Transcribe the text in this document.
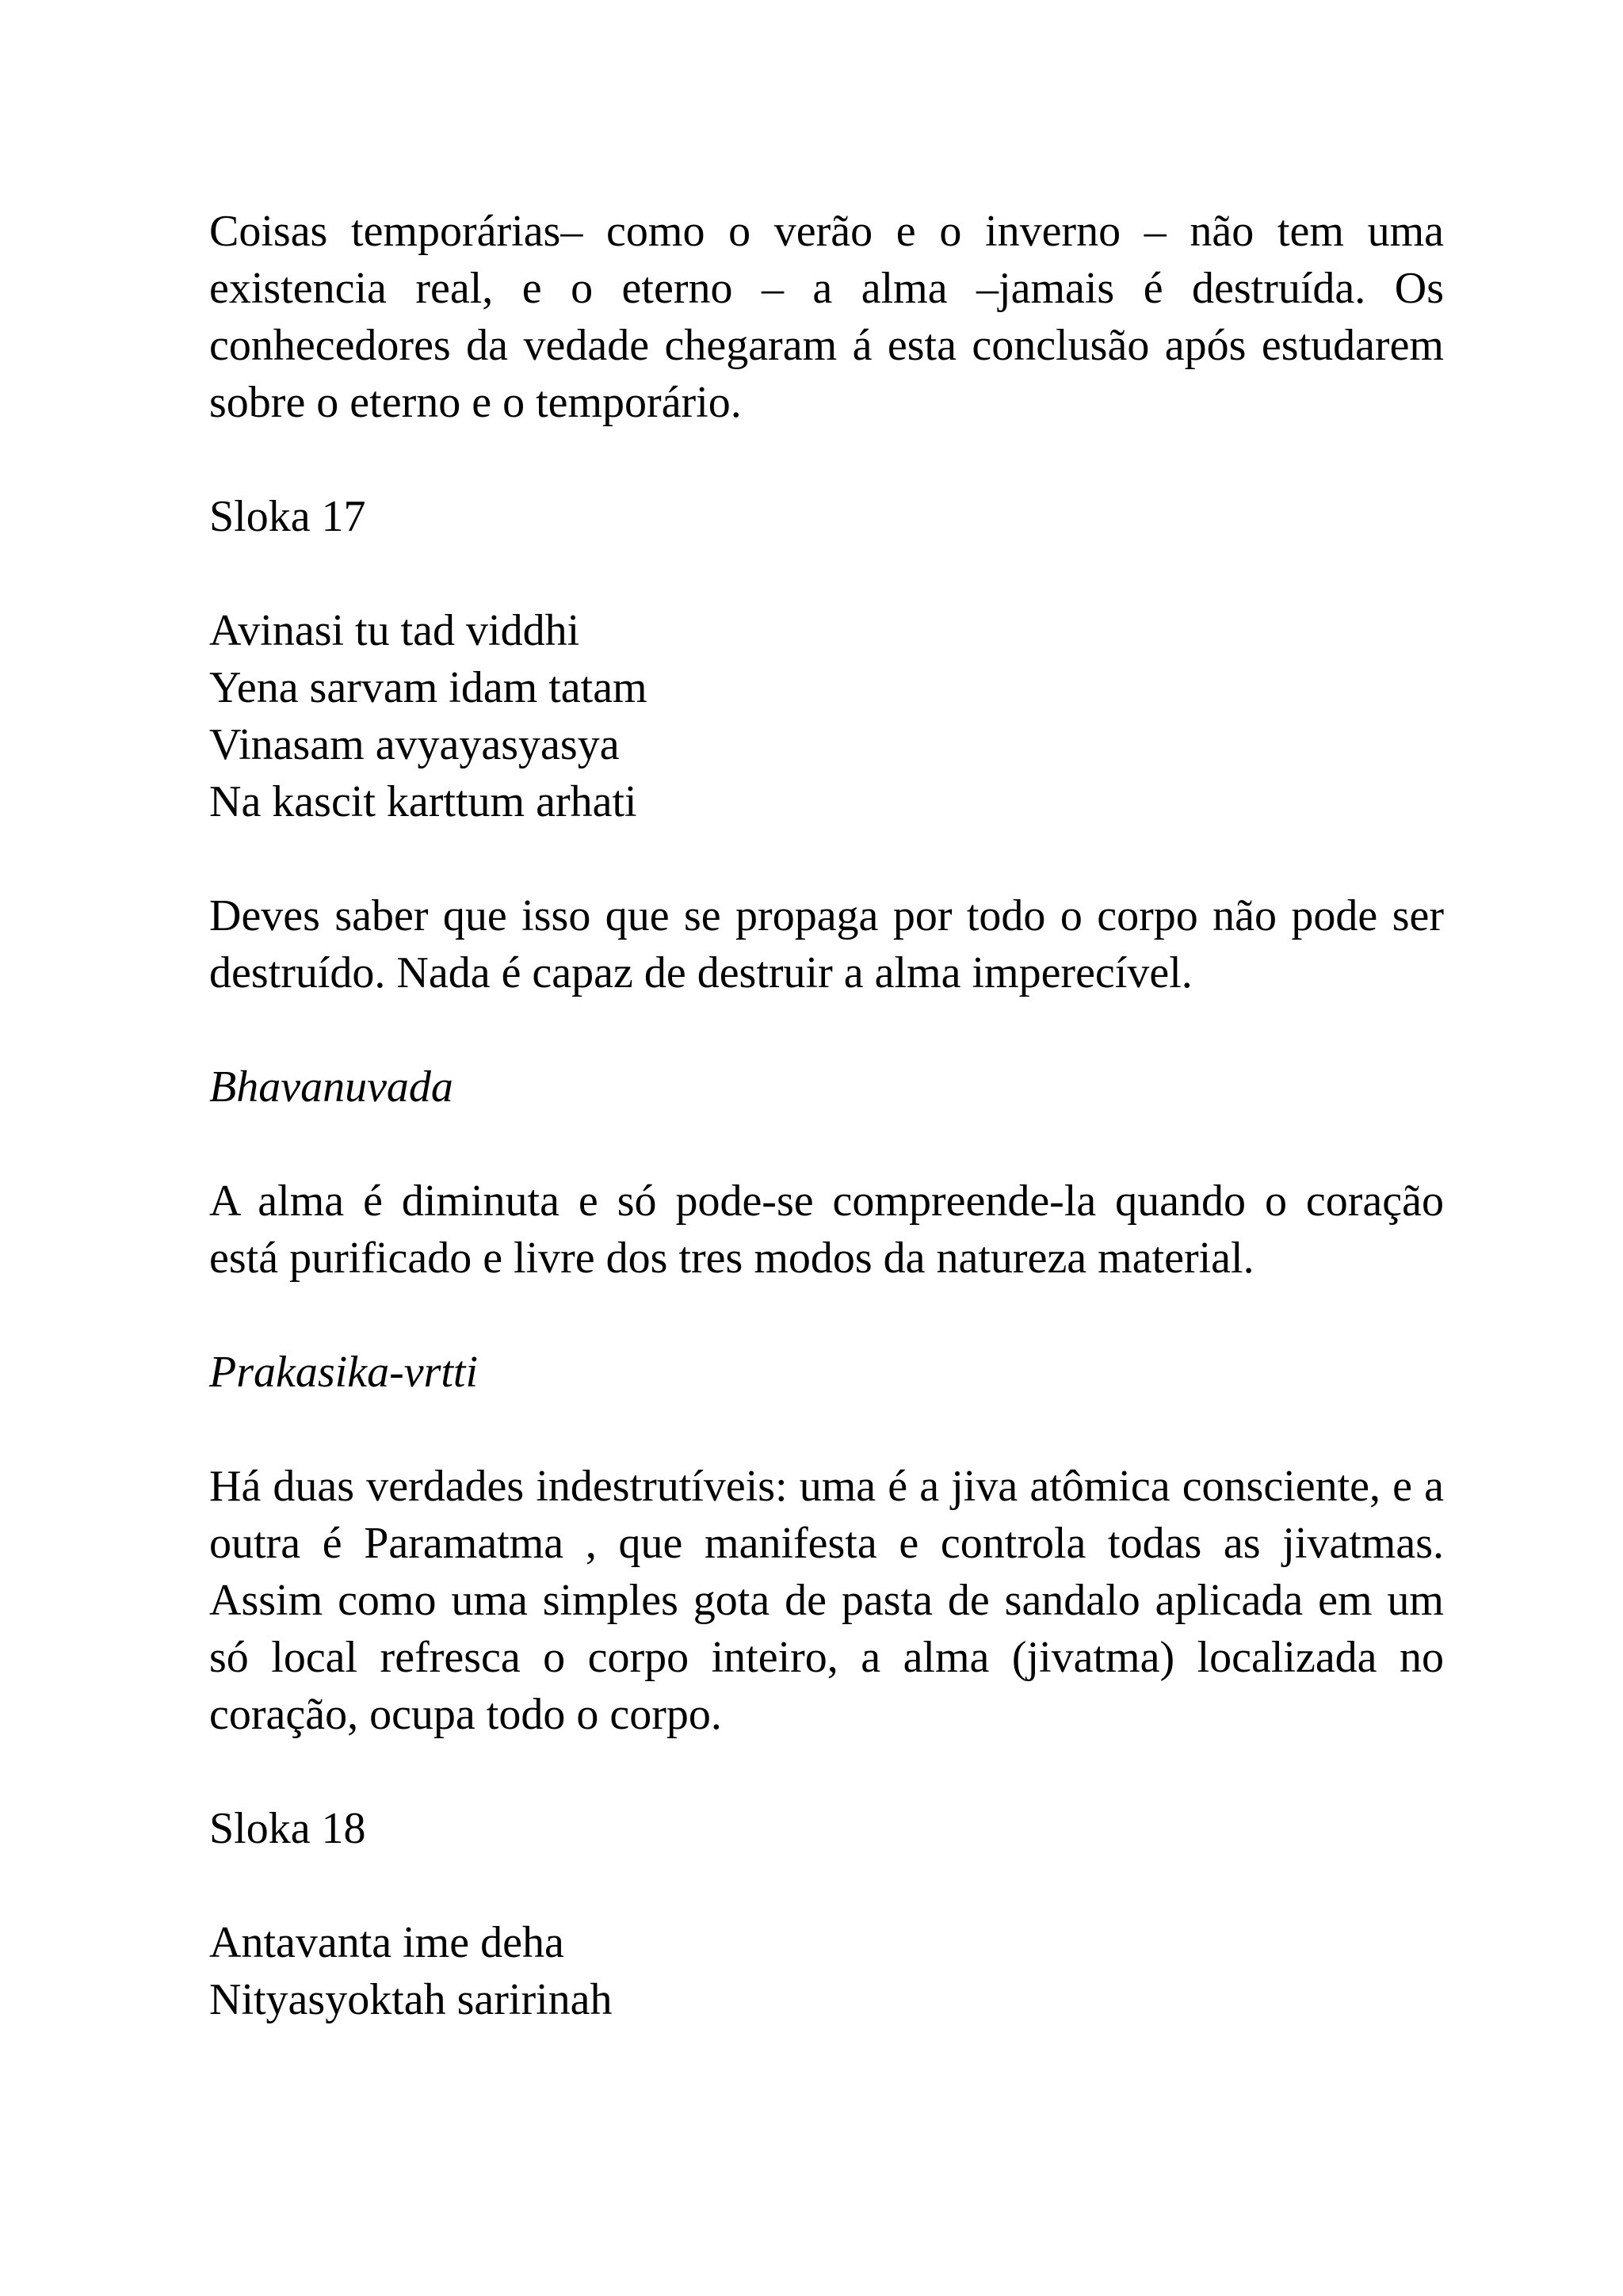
Coisas temporárias– como o verão e o inverno – não tem uma existencia real, e o eterno – a alma –jamais é destruída. Os conhecedores da vedade chegaram á esta conclusão após estudarem sobre o eterno e o temporário.

Sloka 17
Avinasi tu tad viddhi
Yena sarvam idam tatam
Vinasam avyayasyasya
Na kascit karttum arhati

Deves saber que isso que se propaga por todo o corpo não pode ser destruído. Nada é capaz de destruir a alma imperecível.

Bhavanuvada

A alma é diminuta e só pode-se compreende-la quando o coração está purificado e livre dos tres modos da natureza material.

Prakasika-vrtti

Há duas verdades indestrutíveis: uma é a jiva atômica consciente, e a outra é Paramatma , que manifesta e controla todas as jivatmas. Assim como uma simples gota de pasta de sandalo aplicada em um só local refresca o corpo inteiro, a alma (jivatma) localizada no coração, ocupa todo o corpo.

Sloka 18
Antavanta ime deha
Nityasyoktah saririnah
